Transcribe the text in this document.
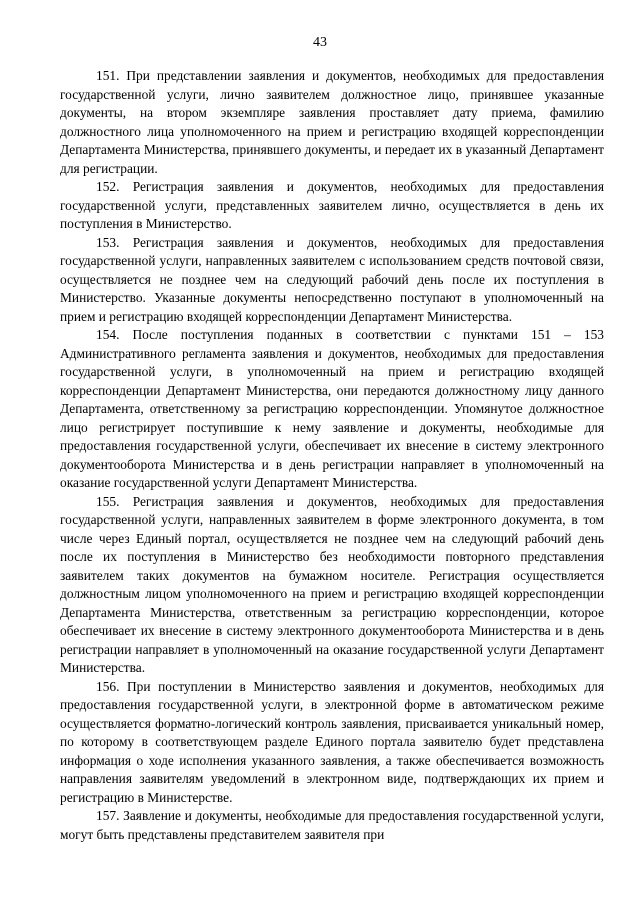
43

151. При представлении заявления и документов, необходимых для предоставления государственной услуги, лично заявителем должностное лицо, принявшее указанные документы, на втором экземпляре заявления проставляет дату приема, фамилию должностного лица уполномоченного на прием и регистрацию входящей корреспонденции Департамента Министерства, принявшего документы, и передает их в указанный Департамент для регистрации.

152. Регистрация заявления и документов, необходимых для предоставления государственной услуги, представленных заявителем лично, осуществляется в день их поступления в Министерство.

153. Регистрация заявления и документов, необходимых для предоставления государственной услуги, направленных заявителем с использованием средств почтовой связи, осуществляется не позднее чем на следующий рабочий день после их поступления в Министерство. Указанные документы непосредственно поступают в уполномоченный на прием и регистрацию входящей корреспонденции Департамент Министерства.

154. После поступления поданных в соответствии с пунктами 151 – 153 Административного регламента заявления и документов, необходимых для предоставления государственной услуги, в уполномоченный на прием и регистрацию входящей корреспонденции Департамент Министерства, они передаются должностному лицу данного Департамента, ответственному за регистрацию корреспонденции. Упомянутое должностное лицо регистрирует поступившие к нему заявление и документы, необходимые для предоставления государственной услуги, обеспечивает их внесение в систему электронного документооборота Министерства и в день регистрации направляет в уполномоченный на оказание государственной услуги Департамент Министерства.

155. Регистрация заявления и документов, необходимых для предоставления государственной услуги, направленных заявителем в форме электронного документа, в том числе через Единый портал, осуществляется не позднее чем на следующий рабочий день после их поступления в Министерство без необходимости повторного представления заявителем таких документов на бумажном носителе. Регистрация осуществляется должностным лицом уполномоченного на прием и регистрацию входящей корреспонденции Департамента Министерства, ответственным за регистрацию корреспонденции, которое обеспечивает их внесение в систему электронного документооборота Министерства и в день регистрации направляет в уполномоченный на оказание государственной услуги Департамент Министерства.

156. При поступлении в Министерство заявления и документов, необходимых для предоставления государственной услуги, в электронной форме в автоматическом режиме осуществляется форматно-логический контроль заявления, присваивается уникальный номер, по которому в соответствующем разделе Единого портала заявителю будет представлена информация о ходе исполнения указанного заявления, а также обеспечивается возможность направления заявителям уведомлений в электронном виде, подтверждающих их прием и регистрацию в Министерстве.

157. Заявление и документы, необходимые для предоставления государственной услуги, могут быть представлены представителем заявителя при
